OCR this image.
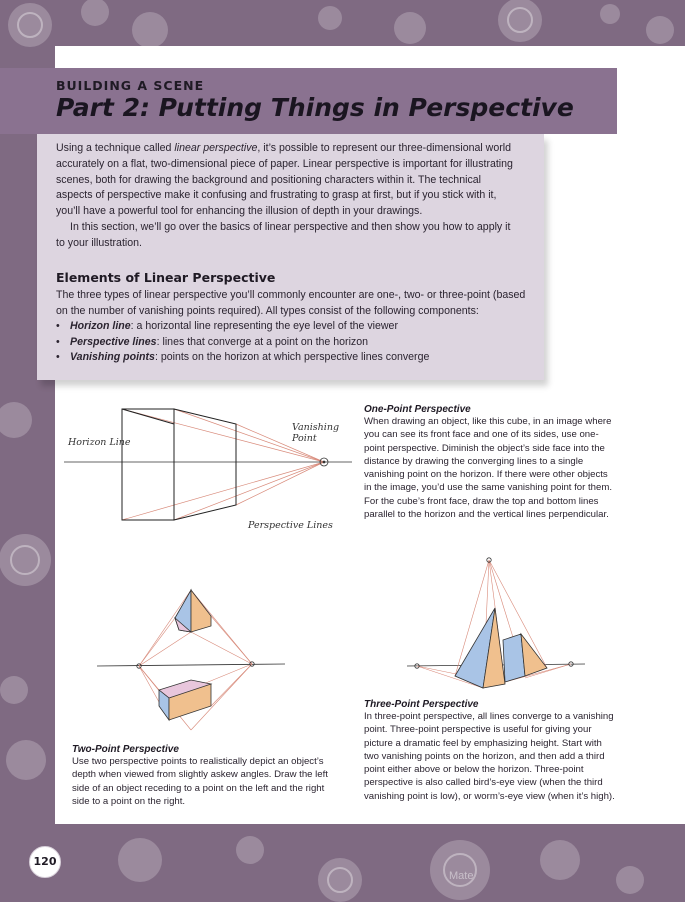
BUILDING A SCENE
Part 2: Putting Things in Perspective

Using a technique called linear perspective, it’s possible to represent our three-dimensional world accurately on a flat, two-dimensional piece of paper. Linear perspective is important for illustrating scenes, both for drawing the background and positioning characters within it. The technical aspects of perspective make it confusing and frustrating to grasp at first, but if you stick with it, you’ll have a powerful tool for enhancing the illusion of depth in your drawings.

In this section, we’ll go over the basics of linear perspective and then show you how to apply it to your illustration.

Elements of Linear Perspective

The three types of linear perspective you’ll commonly encounter are one-, two- or three-point (based on the number of vanishing points required). All types consist of the following components:

• Horizon line: a horizontal line representing the eye level of the viewer
• Perspective lines: lines that converge at a point on the horizon
• Vanishing points: points on the horizon at which perspective lines converge
Horizon Line
Vanishing
Point
Perspective Lines
One-Point Perspective
When drawing an object, like this cube, in an image where you can see its front face and one of its sides, use one-point perspective. Diminish the object’s side face into the distance by drawing the converging lines to a single vanishing point on the horizon. If there were other objects in the image, you’d use the same vanishing point for them. For the cube’s front face, draw the top and bottom lines parallel to the horizon and the vertical lines perpendicular.
Two-Point Perspective
Use two perspective points to realistically depict an object’s depth when viewed from slightly askew angles. Draw the left side of an object receding to a point on the left and the right side to a point on the right.
Three-Point Perspective
In three-point perspective, all lines converge to a vanishing point. Three-point perspective is useful for giving your picture a dramatic feel by emphasizing height. Start with two vanishing points on the horizon, and then add a third point either above or below the horizon. Three-point perspective is also called bird’s-eye view (when the third vanishing point is low), or worm’s-eye view (when it’s high).
120
Mate
